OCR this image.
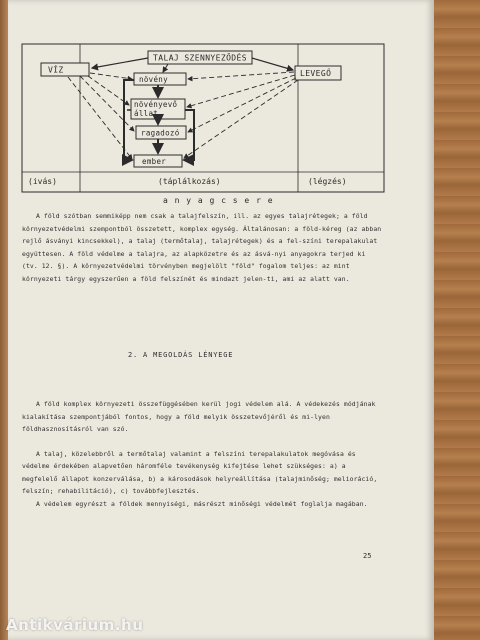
TALAJ SZENNYEZŐDÉS
VÍZ	LEVEGŐ
növény
növényevő
állat
ragadozó
ember
(ivás)	(táplálkozás)	(légzés)
a n y a g c s e r e

A föld szótban semmiképp nem csak a talajfelszín, ill. az egyes talajrétegek; a föld környezetvédelmi szempontból összetett, komplex egység. Általánosan: a föld-kéreg (az abban rejlő ásványi kincsekkel), a talaj (termőtalaj, talajrétegek) és a fel-színi terepalakulat együttesen. A föld védelme a talajra, az alapközetre és az ásvá-nyi anyagokra terjed ki (tv. 12. §). A környezetvédelmi törvényben megjelölt "föld" fogalom teljes: az mint környezeti tárgy egyszerűen a föld felszínét és mindazt jelen-ti, ami az alatt van.

2. A MEGOLDÁS LÉNYEGE

A föld komplex környezeti összefüggésében kerül jogi védelem alá. A védekezés módjának kialakítása szempontjából fontos, hogy a föld melyik összetevőjéről és mi-lyen földhasznosításról van szó.

A talaj, közelebbről a termőtalaj valamint a felszíni terepalakulatok megóvása és védelme érdekében alapvetően háromféle tevékenység kifejtése lehet szükséges: a) a megfelelő állapot konzerválása, b) a károsodások helyreállítása (talajminőség; melioráció, felszín; rehabilitáció), c) továbbfejlesztés.

A védelem egyrészt a földek mennyiségi, másrészt minőségi védelmét foglalja magában.

25
Antikvárium.hu
